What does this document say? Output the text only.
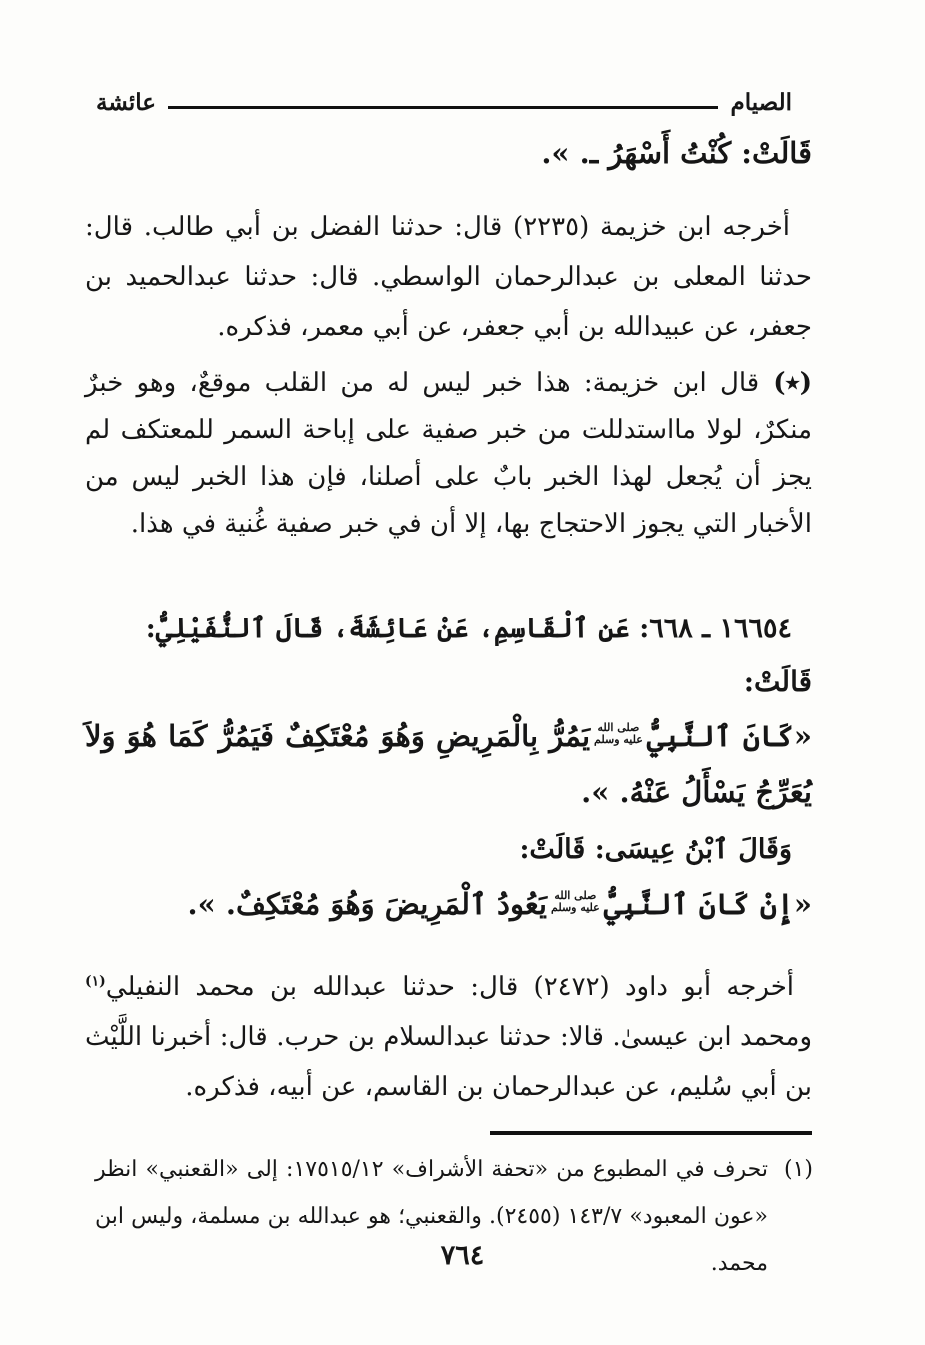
الصيام
عائشة

قَالَتْ: كُنْتُ أَسْهَرُ ـ. ».

أخرجه ابن خزيمة (٢٢٣٥) قال: حدثنا الفضل بن أبي طالب. قال: حدثنا المعلى بن عبدالرحمان الواسطي. قال: حدثنا عبدالحميد بن جعفر، عن عبيدالله بن أبي جعفر، عن أبي معمر، فذكره.

(٭)قال ابن خزيمة: هذا خبر ليس له من القلب موقعٌ، وهو خبرٌ منكرٌ، لولا مااستدللت من خبر صفية على إباحة السمر للمعتكف لم يجز أن يُجعل لهذا الخبر بابٌ على أصلنا، فإن هذا الخبر ليس من الأخبار التي يجوز الاحتجاج بها، إلا أن في خبر صفية غُنية في هذا.

١٦٦٥٤ ـ ٦٦٨: عَنِ ٱلْقَاسِمِ، عَنْ عَائِشَةَ، قَالَ ٱلنُّفَيْلِيُّ:

قَالَتْ:

«كَانَ ٱلنَّبِيُّ
صلى الله
عليه وسلم
يَمُرُّ بِالْمَرِيضِ وَهُوَ مُعْتَكِفٌ فَيَمُرُّ كَمَا هُوَ وَلاَ يُعَرِّجُ يَسْأَلُ عَنْهُ. ».

وَقَالَ ٱبْنُ عِيسَى: قَالَتْ:

«إِنْ كَانَ ٱلنَّبِيُّ
صلى الله
عليه وسلم
يَعُودُ ٱلْمَرِيضَ وَهُوَ مُعْتَكِفٌ. ».

أخرجه أبو داود (٢٤٧٢) قال: حدثنا عبدالله بن محمد النفيلي$^{(١)}$ ومحمد ابن عيسىٰ. قالا: حدثنا عبدالسلام بن حرب. قال: أخبرنا اللَّيْث بن أبي سُليم، عن عبدالرحمان بن القاسم، عن أبيه، فذكره.

(١)
تحرف في المطبوع من «تحفة الأشراف» ١٧٥١٥/١٢: إلى «القعنبي» انظر «عون المعبود» ١٤٣/٧ (٢٤٥٥). والقعنبي؛ هو عبدالله بن مسلمة، وليس ابن محمد.
٧٦٤
